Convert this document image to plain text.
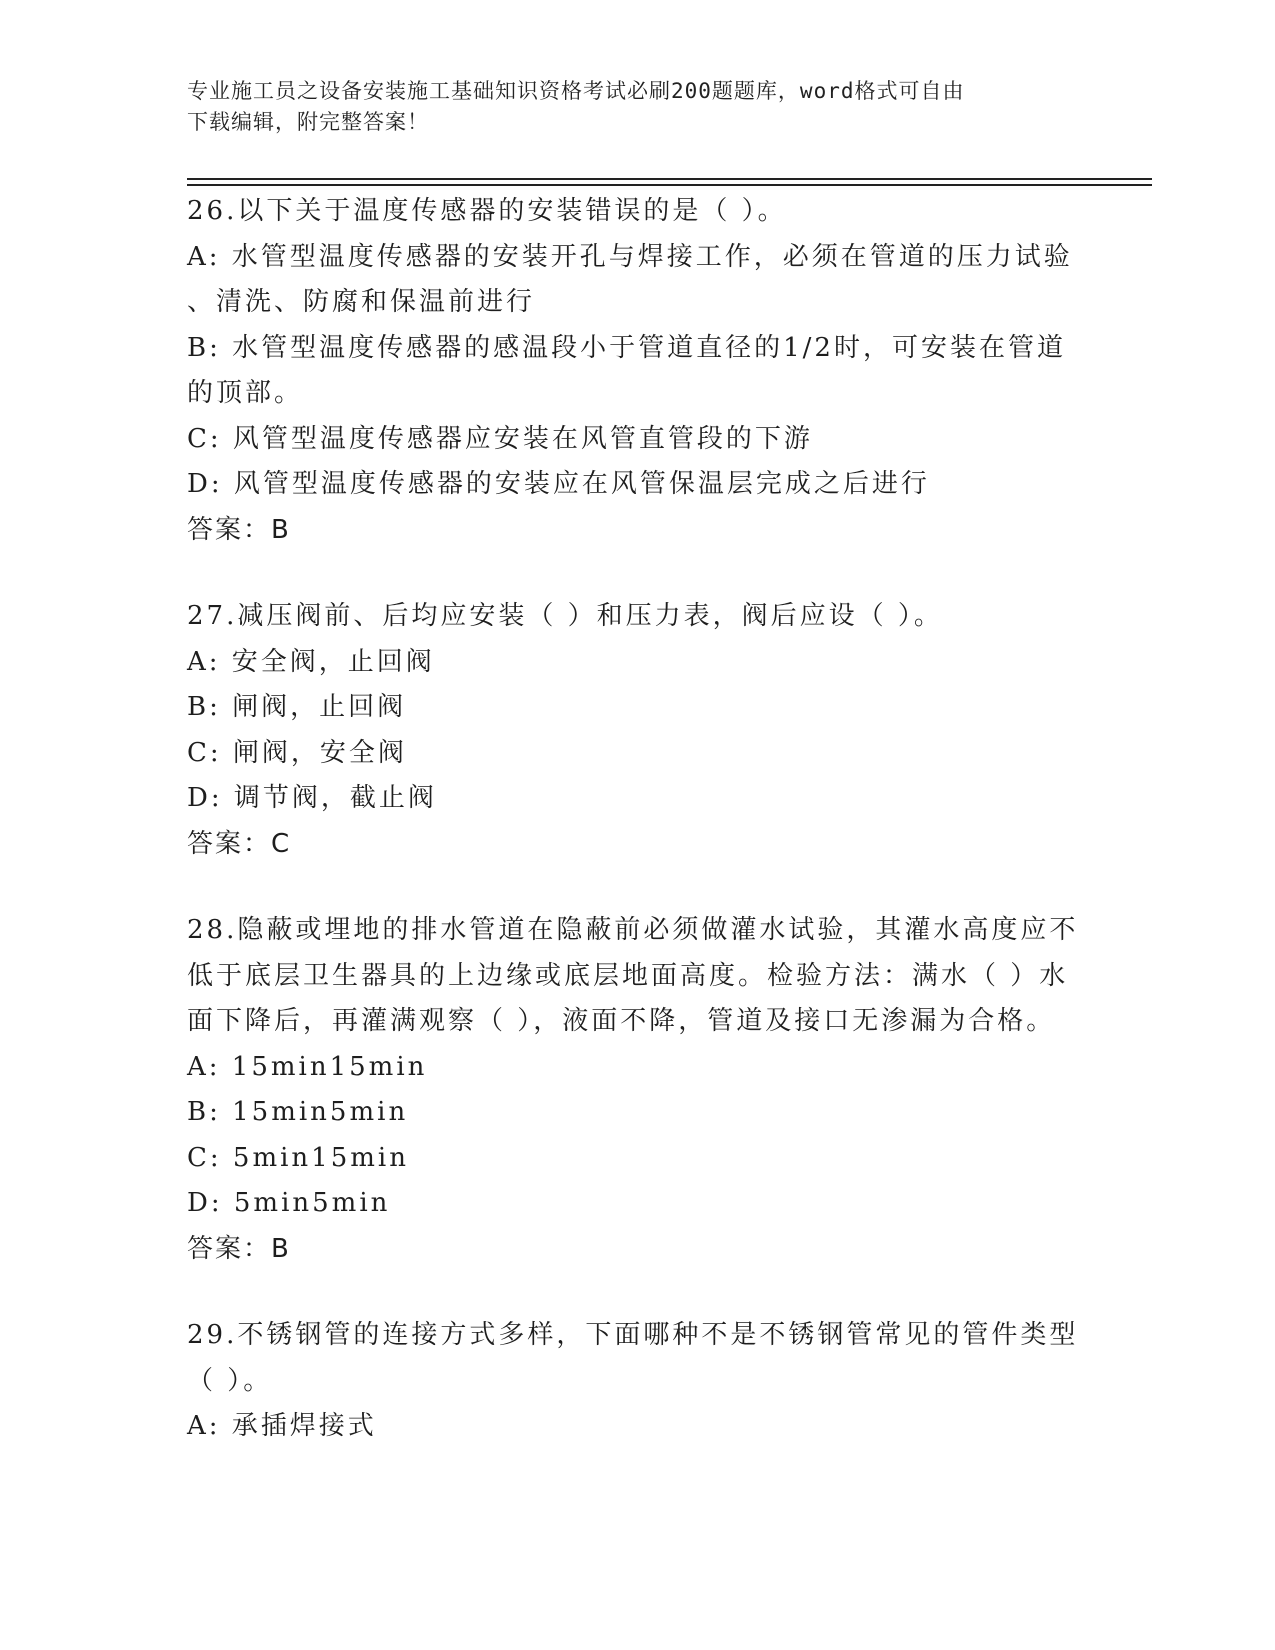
专业施工员之设备安装施工基础知识资格考试必刷200题题库，word格式可自由
下载编辑，附完整答案！
26.以下关于温度传感器的安装错误的是（ ）。
A: 水管型温度传感器的安装开孔与焊接工作，必须在管道的压力试验
、清洗、防腐和保温前进行
B: 水管型温度传感器的感温段小于管道直径的1/2时，可安装在管道
的顶部。
C: 风管型温度传感器应安装在风管直管段的下游
D: 风管型温度传感器的安装应在风管保温层完成之后进行
答案：B
27.减压阀前、后均应安装（ ）和压力表，阀后应设（ ）。
A: 安全阀，止回阀
B: 闸阀，止回阀
C: 闸阀，安全阀
D: 调节阀，截止阀
答案：C
28.隐蔽或埋地的排水管道在隐蔽前必须做灌水试验，其灌水高度应不
低于底层卫生器具的上边缘或底层地面高度。检验方法：满水（ ）水
面下降后，再灌满观察（ ），液面不降，管道及接口无渗漏为合格。
A: 15min15min
B: 15min5min
C: 5min15min
D: 5min5min
答案：B
29.不锈钢管的连接方式多样，下面哪种不是不锈钢管常见的管件类型
（ ）。
A: 承插焊接式
